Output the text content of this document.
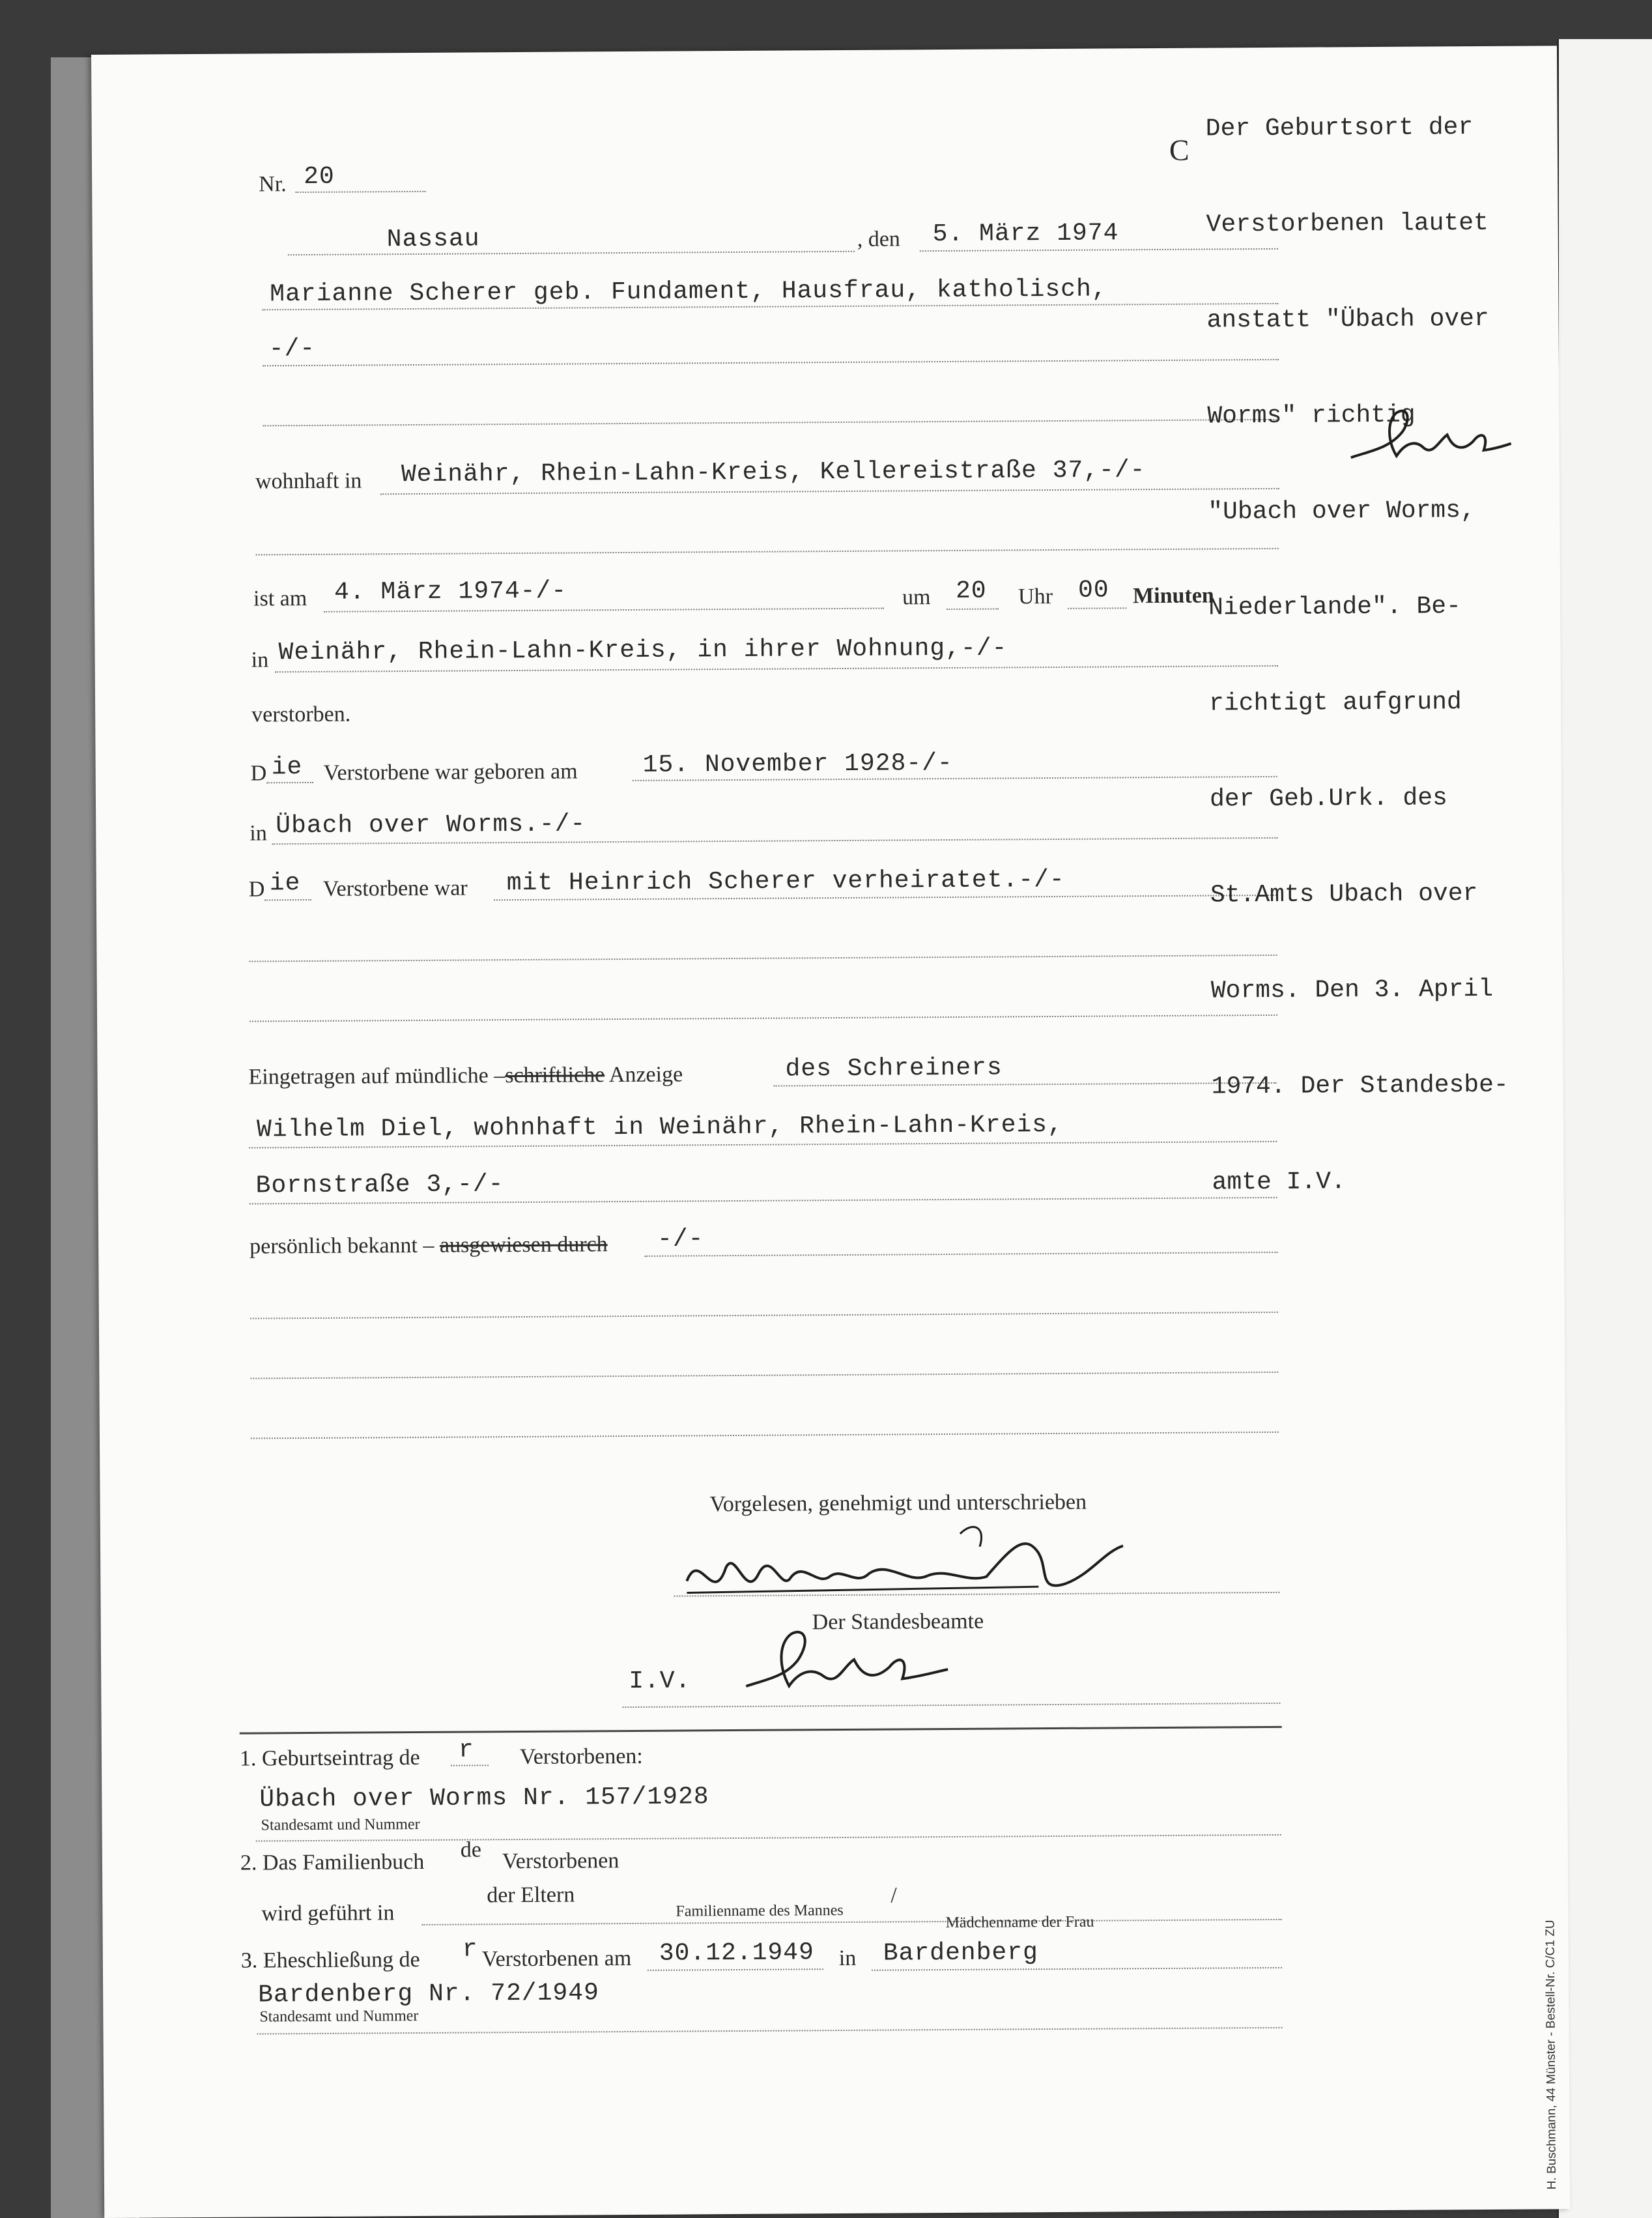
Nr. 20
Nassau	, den 5. März 1974
Marianne Scherer geb. Fundament, Hausfrau, katholisch,
-/-
wohnhaft in Weinähr, Rhein-Lahn-Kreis, Kellereistraße 37,-/-
ist am 4. März 1974-/-	um 20 Uhr 00 Minuten
in Weinähr, Rhein-Lahn-Kreis, in ihrer Wohnung,-/-
verstorben.
D ie Verstorbene war geboren am	15. November 1928-/-
in Übach over Worms.-/-
D ie Verstorbene war mit Heinrich Scherer verheiratet.-/-
Eingetragen auf mündliche –schriftliche Anzeige	des Schreiners
Wilhelm Diel, wohnhaft in Weinähr, Rhein-Lahn-Kreis,
Bornstraße 3,-/-
persönlich bekannt – ausgewiesen durch -/-
Vorgelesen, genehmigt und unterschrieben
Der Standesbeamte
I.V.
1. Geburtseintrag de r Verstorbenen:
Übach over Worms Nr. 157/1928
Standesamt und Nummer
2. Das Familienbuch de Verstorbenen
der Eltern
wird geführt in	Familienname des Mannes
/
Mädchenname der Frau
3. Eheschließung de r Verstorbenen am 30.12.1949 in Bardenberg
Bardenberg Nr. 72/1949
Standesamt und Nummer
C

Der Geburtsort der

Verstorbenen lautet

anstatt "Übach over

Worms" richtig

"Ubach over Worms,

Niederlande". Be-

richtigt aufgrund

der Geb.Urk. des

St.Amts Ubach over

Worms. Den 3. April

1974. Der Standesbe-

amte I.V.

H. Buschmann, 44 Münster - Bestell-Nr. C/C1 ZU
